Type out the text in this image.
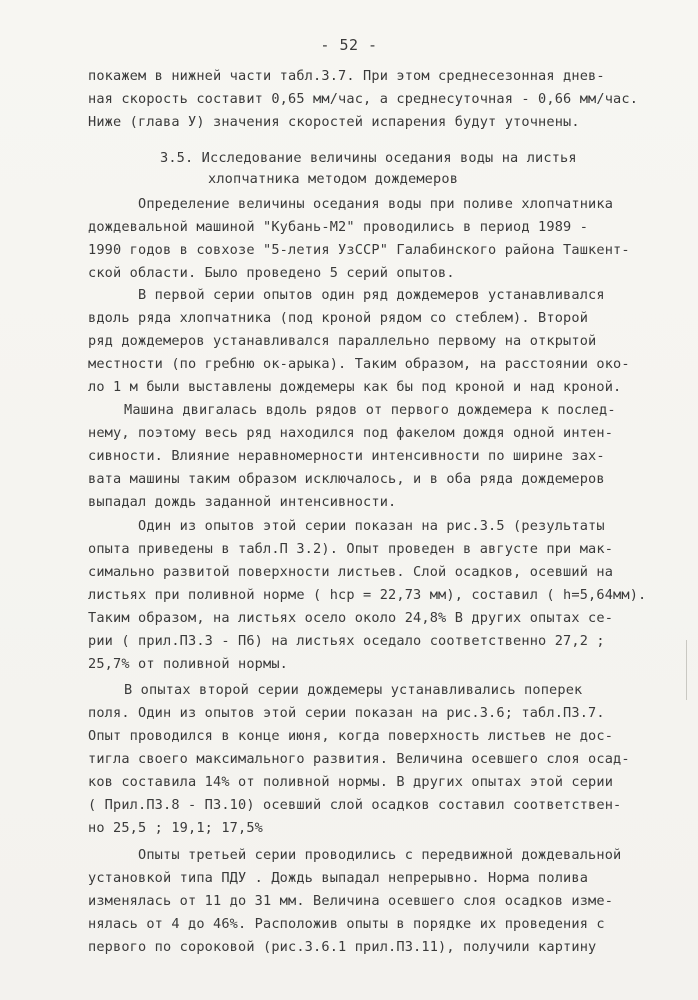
- 52 -
покажем в нижней части табл.3.7. При этом среднесезонная днев-
ная скорость составит 0,65 мм/час, а среднесуточная - 0,66 мм/час.
Ниже (глава У) значения скоростей испарения будут уточнены.
3.5. Исследование величины оседания воды на листья
хлопчатника методом дождемеров
Определение величины оседания воды при поливе хлопчатника
дождевальной машиной "Кубань-М2" проводились в период 1989 -
1990 годов в совхозе "5-летия УзССР" Галабинского района Ташкент-
ской области. Было проведено 5 серий опытов.
В первой серии опытов один ряд дождемеров устанавливался
вдоль ряда хлопчатника (под кроной рядом со стеблем). Второй
ряд дождемеров устанавливался параллельно первому на открытой
местности (по гребню ок-арыка). Таким образом, на расстоянии око-
ло 1 м были выставлены дождемеры как бы под кроной и над кроной.
Машина двигалась вдоль рядов от первого дождемера к послед-
нему, поэтому весь ряд находился под факелом дождя одной интен-
сивности. Влияние неравномерности интенсивности по ширине зах-
вата машины таким образом исключалось, и в оба ряда дождемеров
выпадал дождь заданной интенсивности.
Один из опытов этой серии показан на рис.3.5 (результаты
опыта приведены в табл.П 3.2). Опыт проведен в августе при мак-
симально развитой поверхности листьев. Слой осадков, осевший на
листьях при поливной норме ( hср = 22,73 мм), составил ( h=5,64мм).
Таким образом, на листьях осело около 24,8% В других опытах се-
рии ( прил.П3.3 - П6) на листьях оседало соответственно 27,2 ;
25,7% от поливной нормы.
В опытах второй серии дождемеры устанавливались поперек
поля. Один из опытов этой серии показан на рис.3.6; табл.П3.7.
Опыт проводился в конце июня, когда поверхность листьев не дос-
тигла своего максимального развития. Величина осевшего слоя осад-
ков составила 14% от поливной нормы. В других опытах этой серии
( Прил.П3.8 - П3.10) осевший слой осадков составил соответствен-
но 25,5 ; 19,1; 17,5%
Опыты третьей серии проводились с передвижной дождевальной
установкой типа ПДУ . Дождь выпадал непрерывно. Норма полива
изменялась от 11 до 31 мм. Величина осевшего слоя осадков изме-
нялась от 4 до 46%. Расположив опыты в порядке их проведения с
первого по сороковой (рис.3.6.1 прил.П3.11), получили картину
